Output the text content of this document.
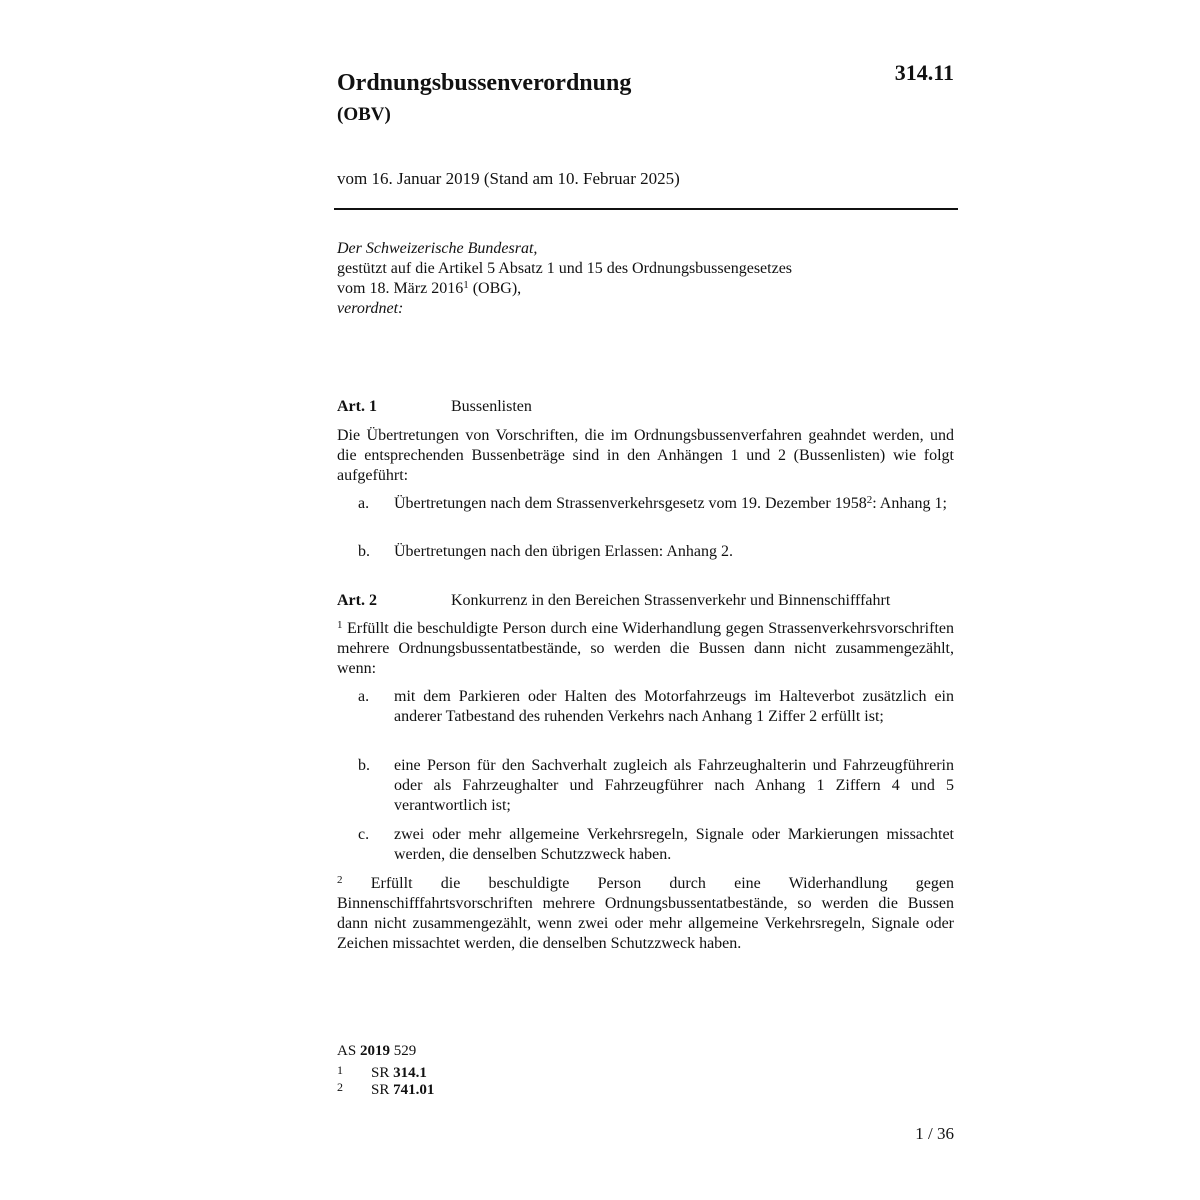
Ordnungsbussenverordnung
(OBV)
314.11
vom 16. Januar 2019 (Stand am 10. Februar 2025)
Der Schweizerische Bundesrat,
gestützt auf die Artikel 5 Absatz 1 und 15 des Ordnungsbussengesetzes
vom 18. März 2016$^1$ (OBG),
verordnet:
Art. 1	Bussenlisten
Die Übertretungen von Vorschriften, die im Ordnungsbussenverfahren geahndet werden, und die entsprechenden Bussenbeträge sind in den Anhängen 1 und 2 (Bussenlisten) wie folgt aufgeführt:
a. Übertretungen nach dem Strassenverkehrsgesetz vom 19. Dezember 1958$^2$: Anhang 1;
b. Übertretungen nach den übrigen Erlassen: Anhang 2.
Art. 2	Konkurrenz in den Bereichen Strassenverkehr und Binnenschifffahrt
$^1$ Erfüllt die beschuldigte Person durch eine Widerhandlung gegen Strassenverkehrsvorschriften mehrere Ordnungsbussentatbestände, so werden die Bussen dann nicht zusammengezählt, wenn:
a. mit dem Parkieren oder Halten des Motorfahrzeugs im Halteverbot zusätzlich ein anderer Tatbestand des ruhenden Verkehrs nach Anhang 1 Ziffer 2 erfüllt ist;
b. eine Person für den Sachverhalt zugleich als Fahrzeughalterin und Fahrzeugführerin oder als Fahrzeughalter und Fahrzeugführer nach Anhang 1 Ziffern 4 und 5 verantwortlich ist;
c. zwei oder mehr allgemeine Verkehrsregeln, Signale oder Markierungen missachtet werden, die denselben Schutzzweck haben.
$^2$ Erfüllt die beschuldigte Person durch eine Widerhandlung gegen Binnenschifffahrtsvorschriften mehrere Ordnungsbussentatbestände, so werden die Bussen dann nicht zusammengezählt, wenn zwei oder mehr allgemeine Verkehrsregeln, Signale oder Zeichen missachtet werden, die denselben Schutzzweck haben.
AS 2019 529
1 SR 314.1
2 SR 741.01
1 / 36
